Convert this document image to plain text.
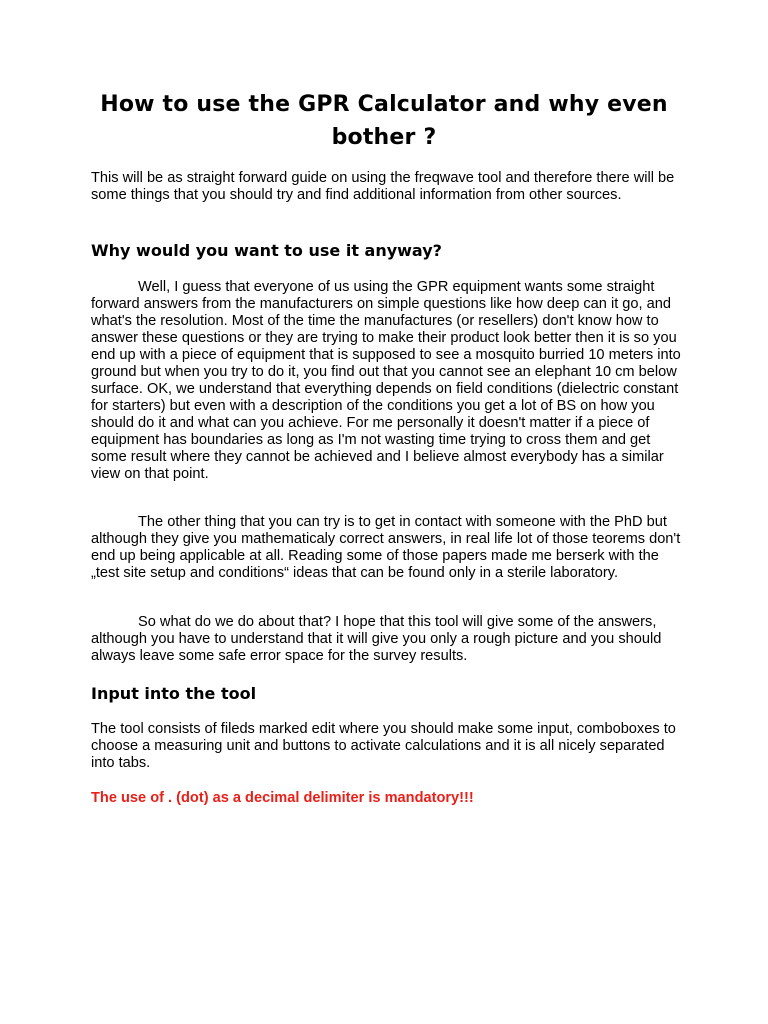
How to use the GPR Calculator and why even bother ?

This will be as straight forward guide on using the freqwave tool and therefore there will be some things that you should try and find additional information from other sources.

Why would you want to use it anyway?

Well, I guess that everyone of us using the GPR equipment wants some straight forward answers from the manufacturers on simple questions like how deep can it go, and what's the resolution. Most of the time the manufactures (or resellers) don't know how to answer these questions or they are trying to make their product look better then it is so you end up with a piece of equipment that is supposed to see a mosquito burried 10 meters into ground but when you try to do it, you find out that you cannot see an elephant 10 cm below surface. OK, we understand that everything depends on field conditions (dielectric constant for starters) but even with a description of the conditions you get a lot of BS on how you should do it and what can you achieve. For me personally it doesn't matter if a piece of equipment has boundaries as long as I'm not wasting time trying to cross them and get some result where they cannot be achieved and I believe almost everybody has a similar view on that point.

The other thing that you can try is to get in contact with someone with the PhD but although they give you mathematicaly correct answers, in real life lot of those teorems don't end up being applicable at all. Reading some of those papers made me berserk with the „test site setup and conditions“ ideas that can be found only in a sterile laboratory.

So what do we do about that? I hope that this tool will give some of the answers, although you have to understand that it will give you only a rough picture and you should always leave some safe error space for the survey results.

Input into the tool

The tool consists of fileds marked edit where you should make some input, comboboxes to choose a measuring unit and buttons to activate calculations and it is all nicely separated into tabs.

The use of . (dot) as a decimal delimiter is mandatory!!!
